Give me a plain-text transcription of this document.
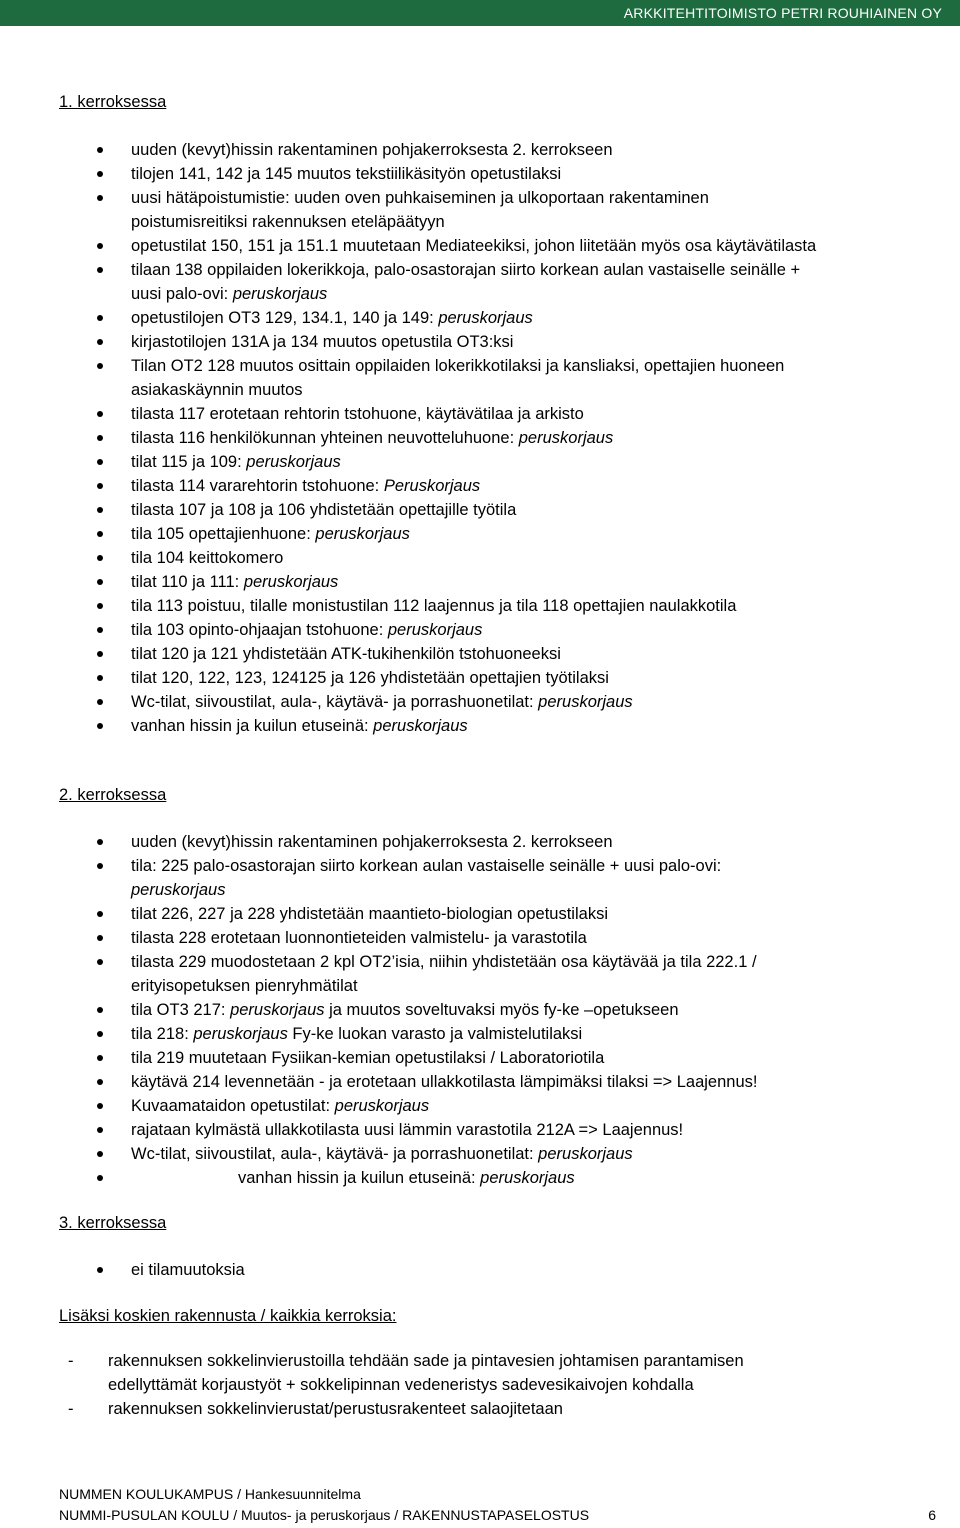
ARKKITEHTITOIMISTO PETRI ROUHIAINEN OY
1. kerroksessa
uuden (kevyt)hissin rakentaminen pohjakerroksesta 2. kerrokseen
tilojen 141, 142 ja 145 muutos tekstiilikäsityön opetustilaksi
uusi hätäpoistumistie: uuden oven puhkaiseminen ja ulkoportaan rakentaminen
poistumisreitiksi rakennuksen eteläpäätyyn
opetustilat 150, 151 ja 151.1 muutetaan Mediateekiksi, johon liitetään myös osa käytävätilasta
tilaan 138 oppilaiden lokerikkoja, palo-osastorajan siirto korkean aulan vastaiselle seinälle +
uusi palo-ovi: peruskorjaus
opetustilojen OT3 129, 134.1, 140 ja 149: peruskorjaus
kirjastotilojen 131A ja 134 muutos opetustila OT3:ksi
Tilan OT2 128 muutos osittain oppilaiden lokerikkotilaksi ja kansliaksi, opettajien huoneen
asiakaskäynnin muutos
tilasta 117 erotetaan rehtorin tstohuone, käytävätilaa ja arkisto
tilasta 116 henkilökunnan yhteinen neuvotteluhuone: peruskorjaus
tilat 115 ja 109: peruskorjaus
tilasta 114 vararehtorin tstohuone: Peruskorjaus
tilasta 107 ja 108 ja 106 yhdistetään opettajille työtila
tila 105 opettajienhuone: peruskorjaus
tila 104 keittokomero
tilat 110 ja 111: peruskorjaus
tila 113 poistuu, tilalle monistustilan 112 laajennus ja tila 118 opettajien naulakkotila
tila 103 opinto-ohjaajan tstohuone: peruskorjaus
tilat 120 ja 121 yhdistetään ATK-tukihenkilön tstohuoneeksi
tilat 120, 122, 123, 124125 ja 126 yhdistetään opettajien työtilaksi
Wc-tilat, siivoustilat, aula-, käytävä- ja porrashuonetilat: peruskorjaus
vanhan hissin ja kuilun etuseinä: peruskorjaus
2. kerroksessa
uuden (kevyt)hissin rakentaminen pohjakerroksesta 2. kerrokseen
tila: 225 palo-osastorajan siirto korkean aulan vastaiselle seinälle + uusi palo-ovi:
peruskorjaus
tilat 226, 227 ja 228 yhdistetään maantieto-biologian opetustilaksi
tilasta 228 erotetaan luonnontieteiden valmistelu- ja varastotila
tilasta 229 muodostetaan 2 kpl OT2’isia, niihin yhdistetään osa käytävää ja tila 222.1 /
erityisopetuksen pienryhmätilat
tila OT3 217: peruskorjaus ja muutos soveltuvaksi myös fy-ke –opetukseen
tila 218: peruskorjaus Fy-ke luokan varasto ja valmistelutilaksi
tila 219 muutetaan Fysiikan-kemian opetustilaksi / Laboratoriotila
käytävä 214 levennetään - ja erotetaan ullakkotilasta lämpimäksi tilaksi => Laajennus!
Kuvaamataidon opetustilat: peruskorjaus
rajataan kylmästä ullakkotilasta uusi lämmin varastotila 212A => Laajennus!
Wc-tilat, siivoustilat, aula-, käytävä- ja porrashuonetilat: peruskorjaus
vanhan hissin ja kuilun etuseinä: peruskorjaus
3. kerroksessa
ei tilamuutoksia
Lisäksi koskien rakennusta / kaikkia kerroksia:
- rakennuksen sokkelinvierustoilla tehdään sade ja pintavesien johtamisen parantamisen
edellyttämät korjaustyöt + sokkelipinnan vedeneristys sadevesikaivojen kohdalla
- rakennuksen sokkelinvierustat/perustusrakenteet salaojitetaan
NUMMEN KOULUKAMPUS / Hankesuunnitelma
NUMMI-PUSULAN KOULU / Muutos- ja peruskorjaus / RAKENNUSTAPASELOSTUS	6
